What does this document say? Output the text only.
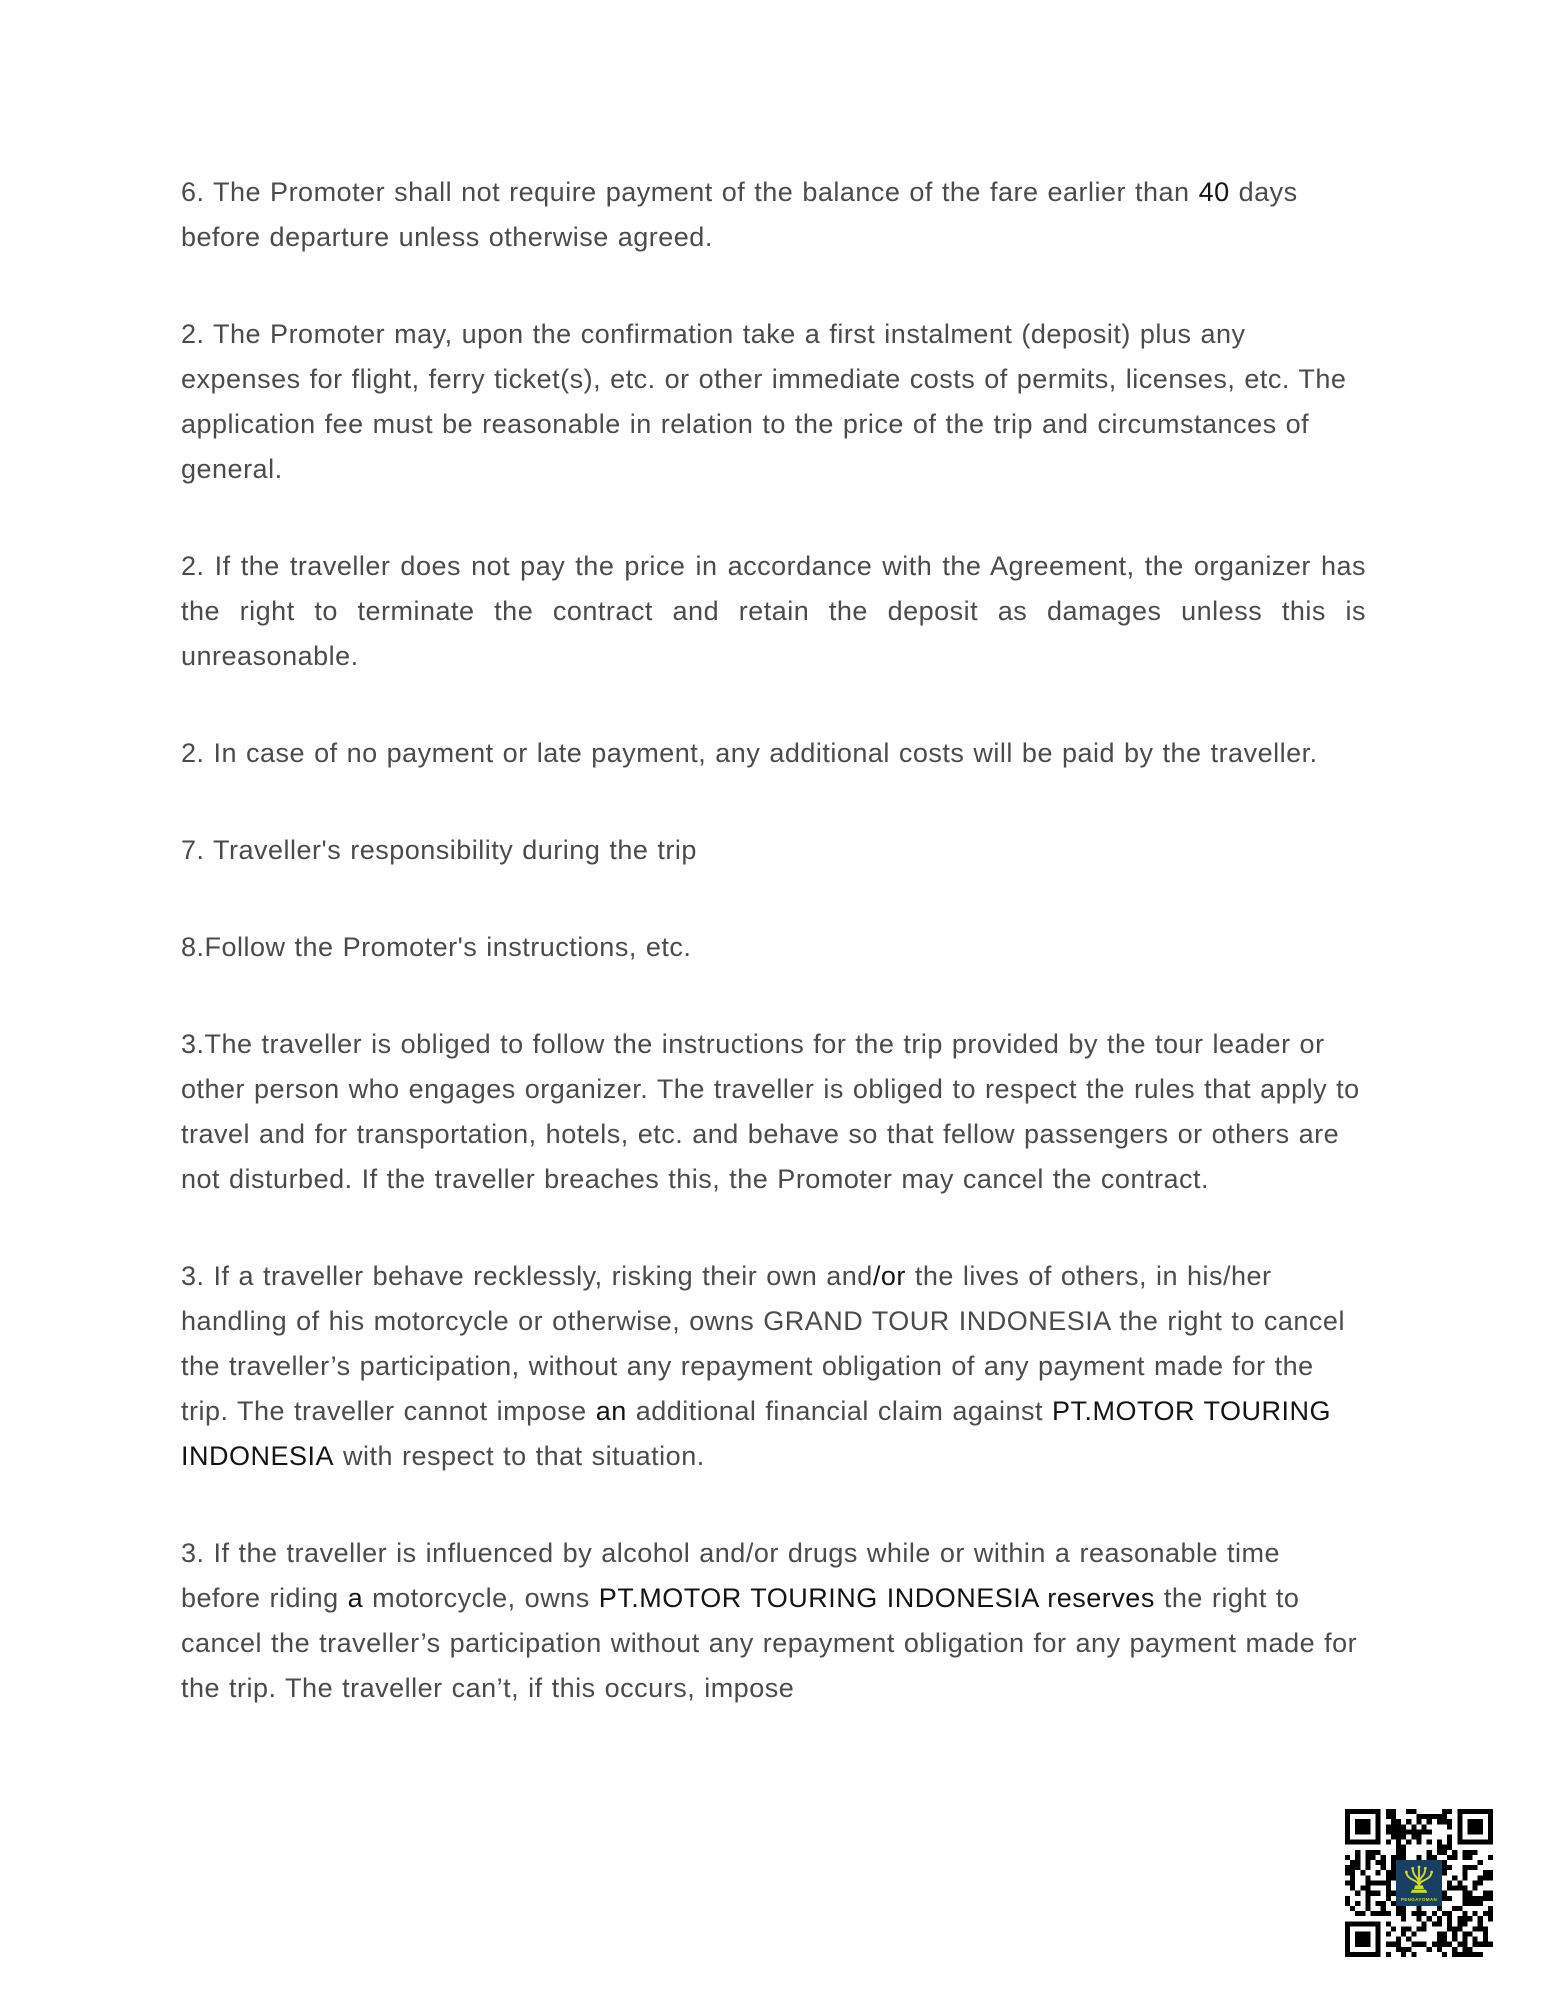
6. The Promoter shall not require payment of the balance of the fare earlier than 40 days before departure unless otherwise agreed.

2. The Promoter may, upon the confirmation take a first instalment (deposit) plus any expenses for flight, ferry ticket(s), etc. or other immediate costs of permits, licenses, etc. The application fee must be reasonable in relation to the price of the trip and circumstances of general.

2. If the traveller does not pay the price in accordance with the Agreement, the organizer has the right to terminate the contract and retain the deposit as damages unless this is unreasonable.

2. In case of no payment or late payment, any additional costs will be paid by the traveller.

7. Traveller's responsibility during the trip

8.Follow the Promoter's instructions, etc.

3.The traveller is obliged to follow the instructions for the trip provided by the tour leader or other person who engages organizer. The traveller is obliged to respect the rules that apply to travel and for transportation, hotels, etc. and behave so that fellow passengers or others are not disturbed. If the traveller breaches this, the Promoter may cancel the contract.

3. If a traveller behave recklessly, risking their own and/or the lives of others, in his/her handling of his motorcycle or otherwise, owns GRAND TOUR INDONESIA the right to cancel the traveller’s participation, without any repayment obligation of any payment made for the trip. The traveller cannot impose an additional financial claim against PT.MOTOR TOURING INDONESIA with respect to that situation.

3. If the traveller is influenced by alcohol and/or drugs while or within a reasonable time before riding a motorcycle, owns PT.MOTOR TOURING INDONESIA reserves the right to cancel the traveller’s participation without any repayment obligation for any payment made for the trip. The traveller can’t, if this occurs, impose

PENGAYOMAN
